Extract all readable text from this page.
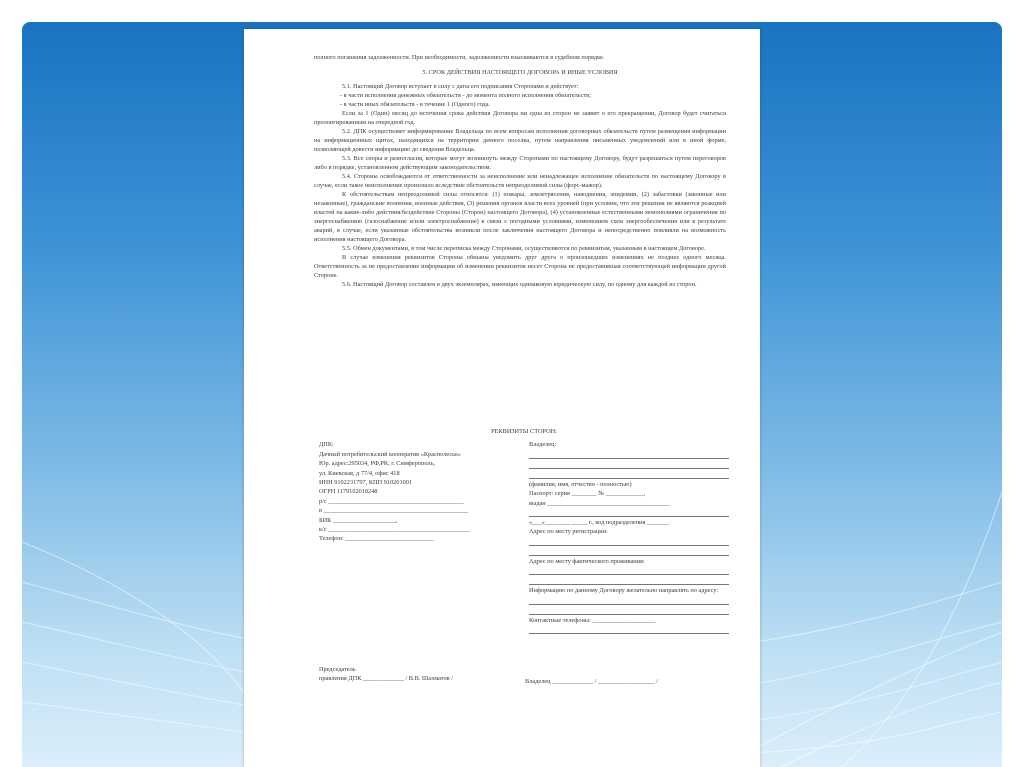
полного погашения задолженности. При необходимости, задолженности взыскиваются в судебном порядке.

5. СРОК ДЕЙСТВИЯ НАСТОЯЩЕГО ДОГОВОРА И ИНЫЕ УСЛОВИЯ

5.1. Настоящий Договор вступает в силу с даты его подписания Сторонами и действует:

- в части исполнения денежных обязательств - до момента полного исполнения обязательств;

- в части иных обязательств - в течение 1 (Одного) года.

Если за 1 (Один) месяц до истечения срока действия Договора ни одна из сторон не заявит о его прекращении, Договор будет считаться пролонгированным на очередной год.

5.2. ДПК осуществляет информирование Владельца по всем вопросам исполнения договорных обязательств путем размещения информации на информационных щитах, находящихся на территории дачного поселка, путем направления письменных уведомлений или в иной форме, позволяющей довести информацию до сведения Владельца.

5.3. Все споры и разногласия, которые могут возникнуть между Сторонами по настоящему Договору, будут разрешаться путем переговоров либо в порядке, установленном действующим законодательством.

5.4. Стороны освобождаются от ответственности за неисполнение или ненадлежащее исполнение обязательств по настоящему Договору в случае, если такое неисполнение произошло вследствие обстоятельств непреодолимой силы (форс-мажор).

К обстоятельствам непреодолимой силы относятся: (1) пожары, землетрясения, наводнения, эпидемии, (2) забастовки (законные или незаконные), гражданские волнения, военные действия, (3) решения органов власти всех уровней (при условии, что эти решения не являются реакцией властей на какие-либо действия/бездействие Стороны (Сторон) настоящего Договора), (4) установленные естественными монополиями ограничения по энергоснабжению (газоснабжение и/или электроснабжение) в связи с погодными условиями, изменением схем энергообеспечения или в результате аварий, в случае, если указанные обстоятельства возникли после заключения настоящего Договора и непосредственно повлияли на возможность исполнения настоящего Договора.

5.5. Обмен документами, в том числе переписка между Сторонами, осуществляются по реквизитам, указанным в настоящем Договоре.

В случае изменения реквизитов Стороны обязаны уведомить друг друга о произошедших изменениях не позднее одного месяца. Ответственность за не предоставление информации об изменении реквизитов несет Сторона не предоставившая соответствующей информации другой Стороне.

5.6. Настоящий Договор составлен в двух экземплярах, имеющих одинаковую юридическую силу, по одному для каждой из сторон.

РЕКВИЗИТЫ СТОРОН:
ДПК:
Дачный потребительский кооператив «Краснолесье»
Юр. адрес:295034, РФ,РК, г. Симферополь,
ул. Киевская, д 77/4, офис 418
ИНН 9102231797, КПП 910201001
ОГРН 1179102018248
р/с ___________________________________________
в ______________________________________________
БИК ____________________,
к/с _____________________________________________
Телефон: ____________________________
Владелец:
(фамилия, имя, отчество - полностью)
Паспорт: серия ________ № ____________,
выдан _______________________________________
«___»________ _____ г., код подразделения _______
Адрес по месту регистрации:
Адрес по месту фактического проживания:
Информацию по данному Договору желательно направлять по адресу:
Контактные телефоны: ____________________
Председатель
правления ДПК _____________ / В.В. Шахматов /	Владелец _____________ / __________________ /
